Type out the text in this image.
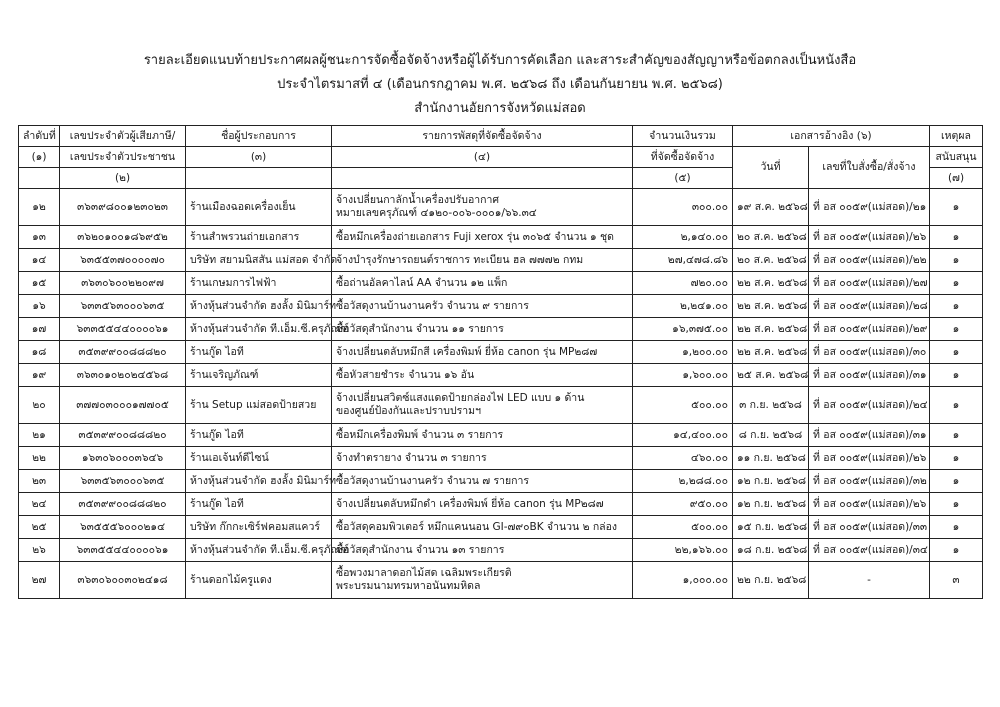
รายละเอียดแนบท้ายประกาศผลผู้ชนะการจัดซื้อจัดจ้างหรือผู้ได้รับการคัดเลือก และสาระสำคัญของสัญญาหรือข้อตกลงเป็นหนังสือ
ประจำไตรมาสที่ ๔ (เดือนกรกฎาคม พ.ศ. ๒๕๖๘ ถึง เดือนกันยายน พ.ศ. ๒๕๖๘)
สำนักงานอัยการจังหวัดแม่สอด
ลำดับที่	เลขประจำตัวผู้เสียภาษี/	ชื่อผู้ประกอบการ	รายการพัสดุที่จัดซื้อจัดจ้าง	จำนวนเงินรวม	เอกสารอ้างอิง (๖)		เหตุผล
(๑)	เลขประจำตัวประชาชน	(๓)	(๔)	ที่จัดซื้อจัดจ้าง	วันที่	เลขที่ใบสั่งซื้อ/สั่งจ้าง	สนับสนุน
	(๒)			(๕)			(๗)
๑๒	๓๖๓๙๘๐๐๑๒๓๐๒๓	ร้านเมืองฉอดเครื่องเย็น	จ้างเปลี่ยนกาลักน้ำเครื่องปรับอากาศ
หมายเลขครุภัณฑ์ ๔๑๒๐-๐๐๖-๐๐๐๑/๖๖.๓๔	๓๐๐.๐๐	๑๙ ส.ค. ๒๕๖๘	ที่ อส ๐๐๕๙(แม่สอด)/๒๑	๑
๑๓	๓๖๒๐๑๐๐๑๘๖๙๕๒	ร้านสำพรวนถ่ายเอกสาร	ซื้อหมึกเครื่องถ่ายเอกสาร Fuji xerox รุ่น ๓๐๖๕ จำนวน ๑ ชุด	๒,๑๔๐.๐๐	๒๐ ส.ค. ๒๕๖๘	ที่ อส ๐๐๕๙(แม่สอด)/๒๖	๑
๑๔	๖๓๕๕๓๗๐๐๐๐๗๐	บริษัท สยามนิสสัน แม่สอด จำกัด	จ้างบำรุงรักษารถยนต์ราชการ ทะเบียน ฮล ๗๗๗๒ กทม	๒๗,๔๗๘.๘๖	๒๐ ส.ค. ๒๕๖๘	ที่ อส ๐๐๕๙(แม่สอด)/๒๒	๑
๑๕	๓๖๓๐๖๐๐๒๒๐๙๗	ร้านเกษมการไฟฟ้า	ซื้อถ่านอัลคาไลน์ AA จำนวน ๑๒ แพ็ก	๗๒๐.๐๐	๒๒ ส.ค. ๒๕๖๘	ที่ อส ๐๐๕๙(แม่สอด)/๒๗	๑
๑๖	๖๓๓๕๖๓๐๐๐๖๓๕	ห้างหุ้นส่วนจำกัด ฮงลั้ง มินิมาร์ท	ซื้อวัสดุงานบ้านงานครัว จำนวน ๙ รายการ	๒,๒๔๑.๐๐	๒๒ ส.ค. ๒๕๖๘	ที่ อส ๐๐๕๙(แม่สอด)/๒๘	๑
๑๗	๖๓๓๕๕๔๔๐๐๐๐๖๑	ห้างหุ้นส่วนจำกัด ที.เอ็ม.ซี.ครุภัณฑ์	ซื้อวัสดุสำนักงาน จำนวน ๑๑ รายการ	๑๖,๓๗๕.๐๐	๒๒ ส.ค. ๒๕๖๘	ที่ อส ๐๐๕๙(แม่สอด)/๒๙	๑
๑๘	๓๕๓๙๙๐๐๘๘๘๒๐	ร้านกู๊ด ไอที	จ้างเปลี่ยนตลับหมึกสี เครื่องพิมพ์ ยี่ห้อ canon รุ่น MP๒๘๗	๑,๒๐๐.๐๐	๒๒ ส.ค. ๒๕๖๘	ที่ อส ๐๐๕๙(แม่สอด)/๓๐	๑
๑๙	๓๖๓๐๑๐๒๐๒๔๕๖๘	ร้านเจริญภัณฑ์	ซื้อหัวสายชำระ จำนวน ๑๖ อัน	๑,๖๐๐.๐๐	๒๕ ส.ค. ๒๕๖๘	ที่ อส ๐๐๕๙(แม่สอด)/๓๑	๑
๒๐	๓๗๗๐๓๐๐๐๑๗๗๐๕	ร้าน Setup แม่สอดป้ายสวย	จ้างเปลี่ยนสวิตซ์แสงแดดป้ายกล่องไฟ LED แบบ ๑ ด้าน
ของศูนย์ป้องกันและปราบปรามฯ	๕๐๐.๐๐	๓ ก.ย. ๒๕๖๘	ที่ อส ๐๐๕๙(แม่สอด)/๒๔	๑
๒๑	๓๕๓๙๙๐๐๘๘๘๒๐	ร้านกู๊ด ไอที	ซื้อหมึกเครื่องพิมพ์ จำนวน ๓ รายการ	๑๔,๔๐๐.๐๐	๘ ก.ย. ๒๕๖๘	ที่ อส ๐๐๕๙(แม่สอด)/๓๑	๑
๒๒	๑๖๓๐๖๐๐๐๓๖๔๖	ร้านเอเจ้นท์ดีไซน์	จ้างทำตรายาง จำนวน ๓ รายการ	๔๖๐.๐๐	๑๑ ก.ย. ๒๕๖๘	ที่ อส ๐๐๕๙(แม่สอด)/๒๖	๑
๒๓	๖๓๓๕๖๓๐๐๐๖๓๕	ห้างหุ้นส่วนจำกัด ฮงลั้ง มินิมาร์ท	ซื้อวัสดุงานบ้านงานครัว จำนวน ๗ รายการ	๒,๒๘๘.๐๐	๑๒ ก.ย. ๒๕๖๘	ที่ อส ๐๐๕๙(แม่สอด)/๓๒	๑
๒๔	๓๕๓๙๙๐๐๘๘๘๒๐	ร้านกู๊ด ไอที	จ้างเปลี่ยนตลับหมึกดำ เครื่องพิมพ์ ยี่ห้อ canon รุ่น MP๒๘๗	๙๕๐.๐๐	๑๒ ก.ย. ๒๕๖๘	ที่ อส ๐๐๕๙(แม่สอด)/๒๖	๑
๒๕	๖๓๕๕๕๖๐๐๐๒๑๔	บริษัท ก๊กกะเซิร์ฟคอมสแควร์	ซื้อวัสดุคอมพิวเตอร์ หมึกแคนนอน GI-๗๙๐BK จำนวน ๒ กล่อง	๕๐๐.๐๐	๑๕ ก.ย. ๒๕๖๘	ที่ อส ๐๐๕๙(แม่สอด)/๓๓	๑
๒๖	๖๓๓๕๕๔๔๐๐๐๐๖๑	ห้างหุ้นส่วนจำกัด ที.เอ็ม.ซี.ครุภัณฑ์	ซื้อวัสดุสำนักงาน จำนวน ๑๓ รายการ	๒๒,๑๖๖.๐๐	๑๘ ก.ย. ๒๕๖๘	ที่ อส ๐๐๕๙(แม่สอด)/๓๔	๑
๒๗	๓๖๓๐๖๐๐๓๐๒๔๑๘	ร้านดอกไม้ครูแดง	ซื้อพวงมาลาดอกไม้สด เฉลิมพระเกียรติ
พระบรมนามทรมหาอนันทมหิดล	๑,๐๐๐.๐๐	๒๒ ก.ย. ๒๕๖๘	-	๓
